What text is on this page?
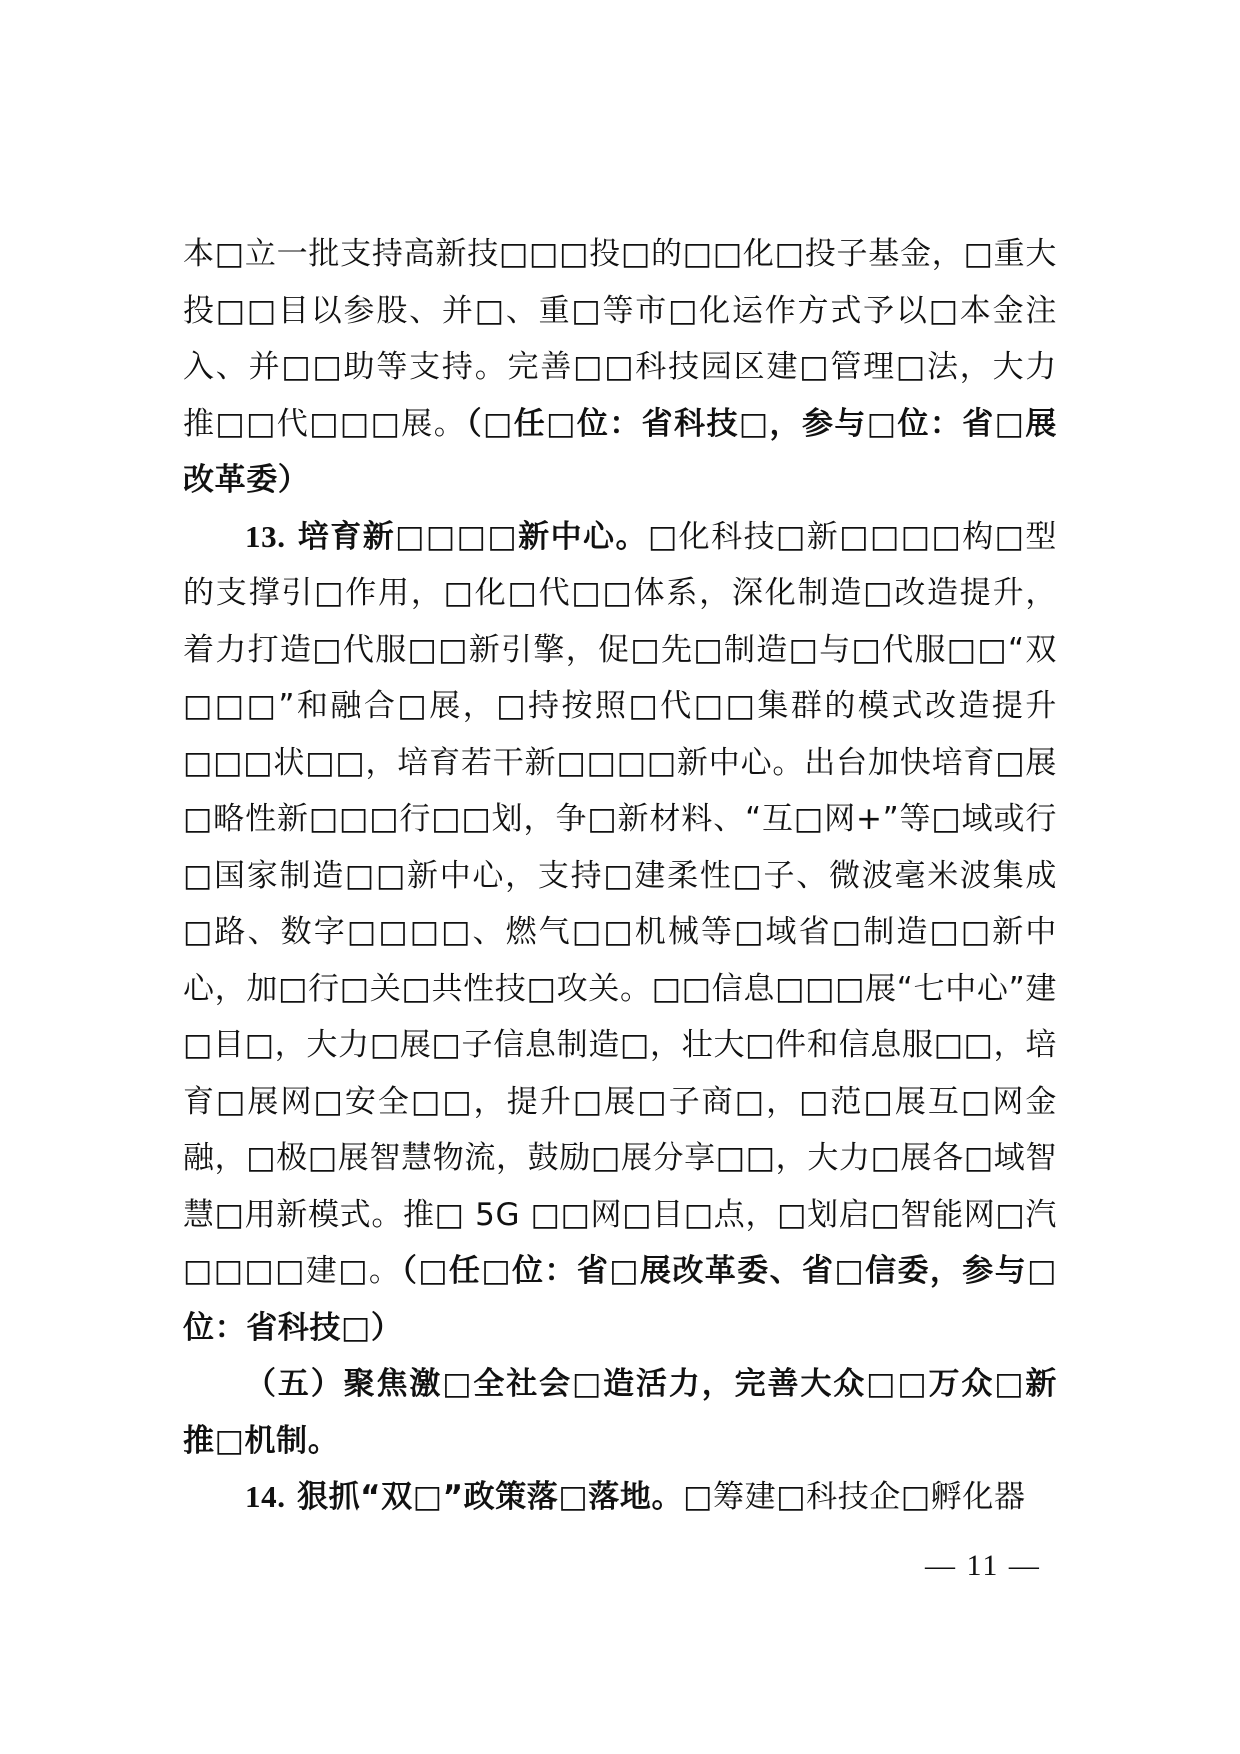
本□立一批支持高新技□□□投□的□□化□投子基金，□重大投□□目以参股、并□、重□等市□化运作方式予以□本金注入、并□□助等支持。完善□□科技园区建□管理□法，大力推□□代□□□展。（□任□位：省科技□，参与□位：省□展改革委）

13. 培育新□□□□新中心。□化科技□新□□□□构□型的支撑引□作用，□化□代□□体系，深化制造□改造提升，着力打造□代服□□新引擎，促□先□制造□与□代服□□“双□□□”和融合□展，□持按照□代□□集群的模式改造提升□□□状□□，培育若干新□□□□新中心。出台加快培育□展□略性新□□□行□□划，争□新材料、“互□网+”等□域或行□国家制造□□新中心，支持□建柔性□子、微波毫米波集成□路、数字□□□□、燃气□□机械等□域省□制造□□新中心，加□行□关□共性技□攻关。□□信息□□□展“七中心”建□目□，大力□展□子信息制造□，壮大□件和信息服□□，培育□展网□安全□□，提升□展□子商□，□范□展互□网金融，□极□展智慧物流，鼓励□展分享□□，大力□展各□域智慧□用新模式。推□ 5G □□网□目□点，□划启□智能网□汽□□□□建□。（□任□位：省□展改革委、省□信委，参与□位：省科技□）

（五）聚焦激□全社会□造活力，完善大众□□万众□新推□机制。

14. 狠抓“双□”政策落□落地。□筹建□科技企□孵化器

— 11 —
